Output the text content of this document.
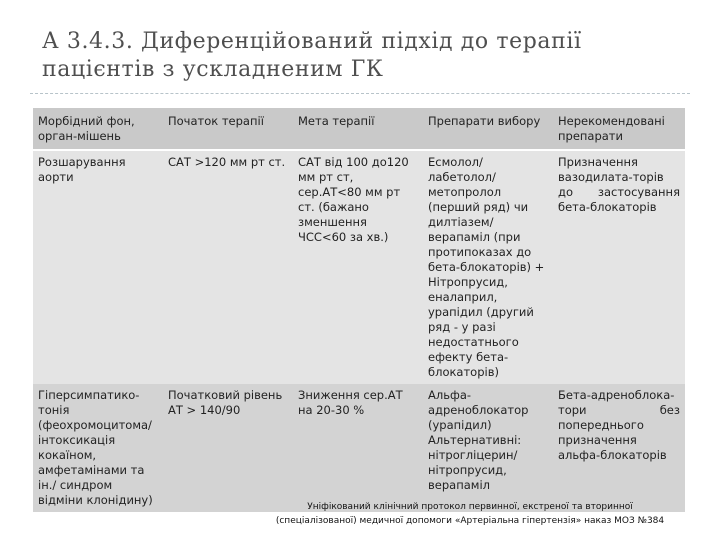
А 3.4.3. Диференційований підхід до терапії пацієнтів з ускладненим ГК
Морбідний фон, орган-мішень	Початок терапії	Мета терапії	Препарати вибору	Нерекомендовані препарати
Розшарування аорти	САТ >120 мм рт ст.	САТ від 100 до120 мм рт ст, сер.АТ<80 мм рт ст. (бажано зменшення ЧСС<60 за хв.)	Есмолол/ лабетолол/ метопролол (перший ряд) чи дилтіазем/ верапаміл (при протипоказах до бета-блокаторів) + Нітропрусид, еналаприл, урапідил (другий ряд - у разі недостатнього ефекту бета-блокаторів)	Призначення вазодилата-торів до застосування бета-блокаторів
Гіперсимпатико-тонія (феохромоцитома/ інтоксикація кокаїном, амфетамінами та ін./ синдром відміни клонідину)	Початковий рівень АТ > 140/90	Зниження сер.АТ на 20-30 %	Альфа-адреноблокатор (урапідил) Альтернативні: нітрогліцерин/ нітропрусид, верапаміл	Бета-адреноблока-тори без попереднього призначення альфа-блокаторів
Уніфікований клінічний протокол первинної, екстреної та вторинної
(спеціалізованої) медичної допомоги «Артеріальна гіпертензія» наказ МОЗ №384
